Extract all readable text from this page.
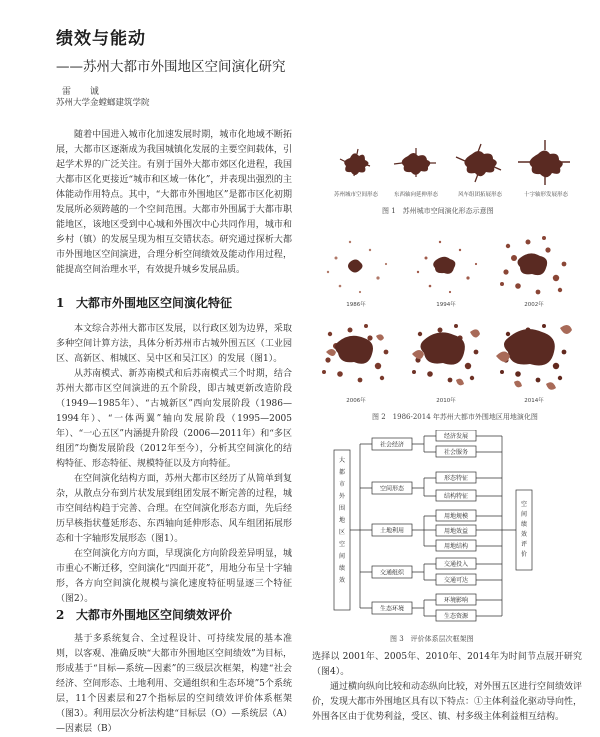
绩效与能动
——苏州大都市外围地区空间演化研究
雷 诚
苏州大学金螳螂建筑学院

随着中国进入城市化加速发展时期，城市化地域不断拓展，大都市区逐渐成为我国城镇化发展的主要空间载体，引起学术界的广泛关注。有别于国外大都市郊区化进程，我国大都市区化更接近“城市和区域一体化”，并表现出强烈的主体能动作用特点。其中，“大都市外围地区”是都市区化初期发展所必须跨越的一个空间范围。大都市外围属于大都市职能地区，该地区受到中心城和外围次中心共同作用，城市和乡村（镇）的发展呈现为相互交错状态。研究通过探析大都市外围地区空间演进，合理分析空间绩效及能动作用过程，能提高空间治理水平，有效提升城乡发展品质。

1 大都市外围地区空间演化特征

本文综合苏州大都市区发展，以行政区划为边界，采取多种空间计算方法，具体分析苏州市古城外围五区（工业园区、高新区、相城区、吴中区和吴江区）的发展（图1）。

从苏南模式、新苏南模式和后苏南模式三个时期，结合苏州大都市区空间演进的五个阶段，即古城更新改造阶段（1949—1985年）、“古城新区”西向发展阶段（1986—1994年）、“一体两翼”轴向发展阶段（1995—2005年）、“一心五区”内涵提升阶段（2006—2011年）和“多区组团”均衡发展阶段（2012年至今），分析其空间演化的结构特征、形态特征、规模特征以及方向特征。

在空间演化结构方面，苏州大都市区经历了从简单到复杂，从散点分布到片状发展到组团发展不断完善的过程，城市空间结构趋于完善、合理。在空间演化形态方面，先后经历早核指状蔓延形态、东西轴向延伸形态、风车组团拓展形态和十字轴形发展形态（图1）。

在空间演化方向方面，早现演化方向阶段差异明显，城市重心不断迁移，空间演化“四面开花”，用地分布呈十字轴形，各方向空间演化规模与演化速度特征明显逐三个特征（图2）。

2 大都市外围地区空间绩效评价

基于多系统复合、全过程设计、可持续发展的基本准则，以客观、准确反映“大都市外围地区空间绩效”为目标，形成基于“目标—系统—因素”的三级层次框架，构建“社会经济、空间形态、土地利用、交通组织和生态环境”5个系统层，11个因素层和27个指标层的空间绩效评价体系框架（图3）。利用层次分析法构建“目标层（O）—系统层（A）—因素层（B）

苏州城市空间形态	东西轴向延伸形态	风车组团拓展形态	十字轴形发展形态
图 1　苏州城市空间演化形态示意图
1986年	1994年	2002年
2006年	2010年	2014年
图 2　1986-2014 年苏州大都市外围地区用地演化图
大都市外围地区空间绩效
社会经济
空间形态
土地利用
交通组织
生态环境
经济发展
社会服务
形态特征
结构特征
用地规模
用地效益
用地结构
交通投入
交通可达
环境影响
生态资源
空间绩效评价
图 3　评价体系层次框架图

选择以 2001年、2005年、2010年、2014年为时间节点展开研究（图4）。

通过横向纵向比较和动态纵向比较，对外围五区进行空间绩效评价，发现大都市外围地区具有以下特点：①主体利益化驱动导向性，外围各区由于优势利益，受区、镇、村多级主体利益相互结构。
